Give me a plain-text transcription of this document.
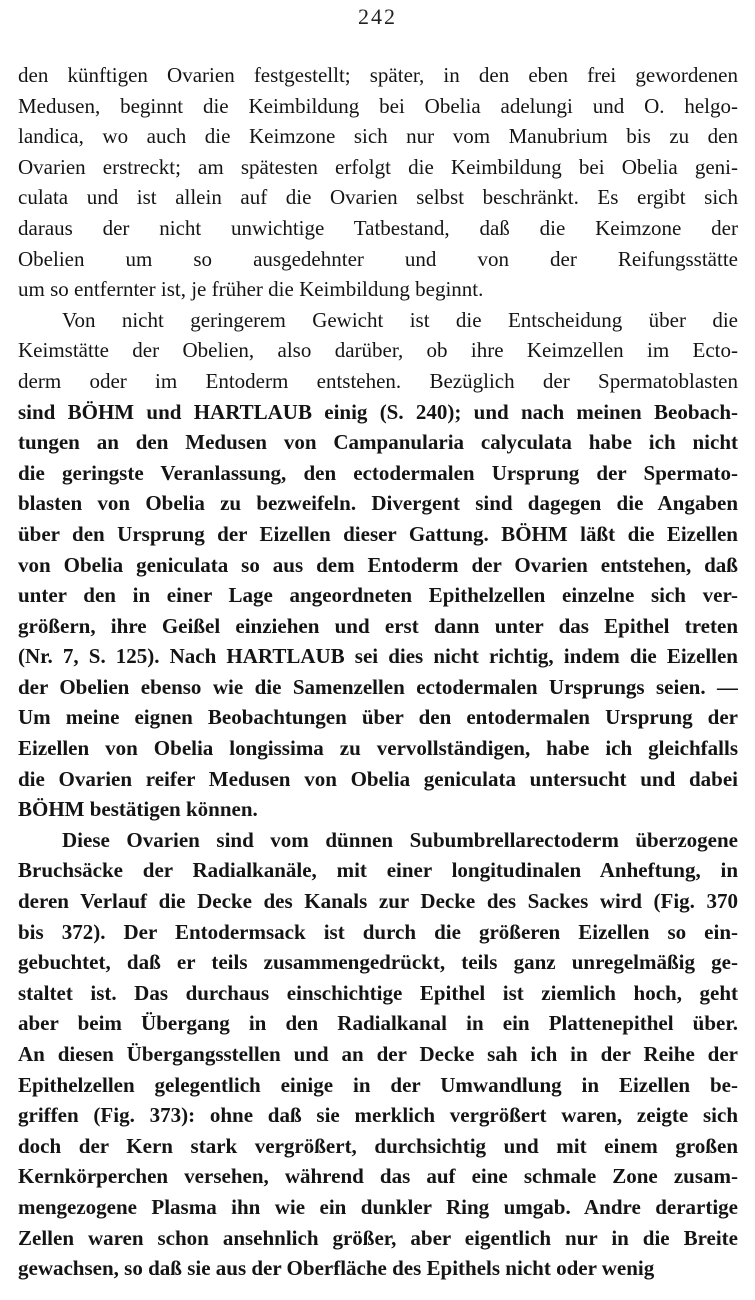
242
den künftigen Ovarien festgestellt; später, in den eben frei gewordenen
Medusen, beginnt die Keimbildung bei Obelia adelungi und O. helgo-
landica, wo auch die Keimzone sich nur vom Manubrium bis zu den
Ovarien erstreckt; am spätesten erfolgt die Keimbildung bei Obelia geni-
culata und ist allein auf die Ovarien selbst beschränkt. Es ergibt sich
daraus der nicht unwichtige Tatbestand, daß die Keimzone der
Obelien um so ausgedehnter und von der Reifungsstätte
um so entfernter ist, je früher die Keimbildung beginnt.
Von nicht geringerem Gewicht ist die Entscheidung über die
Keimstätte der Obelien, also darüber, ob ihre Keimzellen im Ecto-
derm oder im Entoderm entstehen. Bezüglich der Spermatoblasten
sind BÖHM und HARTLAUB einig (S. 240); und nach meinen Beobach-
tungen an den Medusen von Campanularia calyculata habe ich nicht
die geringste Veranlassung, den ectodermalen Ursprung der Spermato-
blasten von Obelia zu bezweifeln. Divergent sind dagegen die Angaben
über den Ursprung der Eizellen dieser Gattung. BÖHM läßt die Eizellen
von Obelia geniculata so aus dem Entoderm der Ovarien entstehen, daß
unter den in einer Lage angeordneten Epithelzellen einzelne sich ver-
größern, ihre Geißel einziehen und erst dann unter das Epithel treten
(Nr. 7, S. 125). Nach HARTLAUB sei dies nicht richtig, indem die Eizellen
der Obelien ebenso wie die Samenzellen ectodermalen Ursprungs seien. —
Um meine eignen Beobachtungen über den entodermalen Ursprung der
Eizellen von Obelia longissima zu vervollständigen, habe ich gleichfalls
die Ovarien reifer Medusen von Obelia geniculata untersucht und dabei
BÖHM bestätigen können.
Diese Ovarien sind vom dünnen Subumbrellarectoderm überzogene
Bruchsäcke der Radialkanäle, mit einer longitudinalen Anheftung, in
deren Verlauf die Decke des Kanals zur Decke des Sackes wird (Fig. 370
bis 372). Der Entodermsack ist durch die größeren Eizellen so ein-
gebuchtet, daß er teils zusammengedrückt, teils ganz unregelmäßig ge-
staltet ist. Das durchaus einschichtige Epithel ist ziemlich hoch, geht
aber beim Übergang in den Radialkanal in ein Plattenepithel über.
An diesen Übergangsstellen und an der Decke sah ich in der Reihe der
Epithelzellen gelegentlich einige in der Umwandlung in Eizellen be-
griffen (Fig. 373): ohne daß sie merklich vergrößert waren, zeigte sich
doch der Kern stark vergrößert, durchsichtig und mit einem großen
Kernkörperchen versehen, während das auf eine schmale Zone zusam-
mengezogene Plasma ihn wie ein dunkler Ring umgab. Andre derartige
Zellen waren schon ansehnlich größer, aber eigentlich nur in die Breite
gewachsen, so daß sie aus der Oberfläche des Epithels nicht oder wenig
